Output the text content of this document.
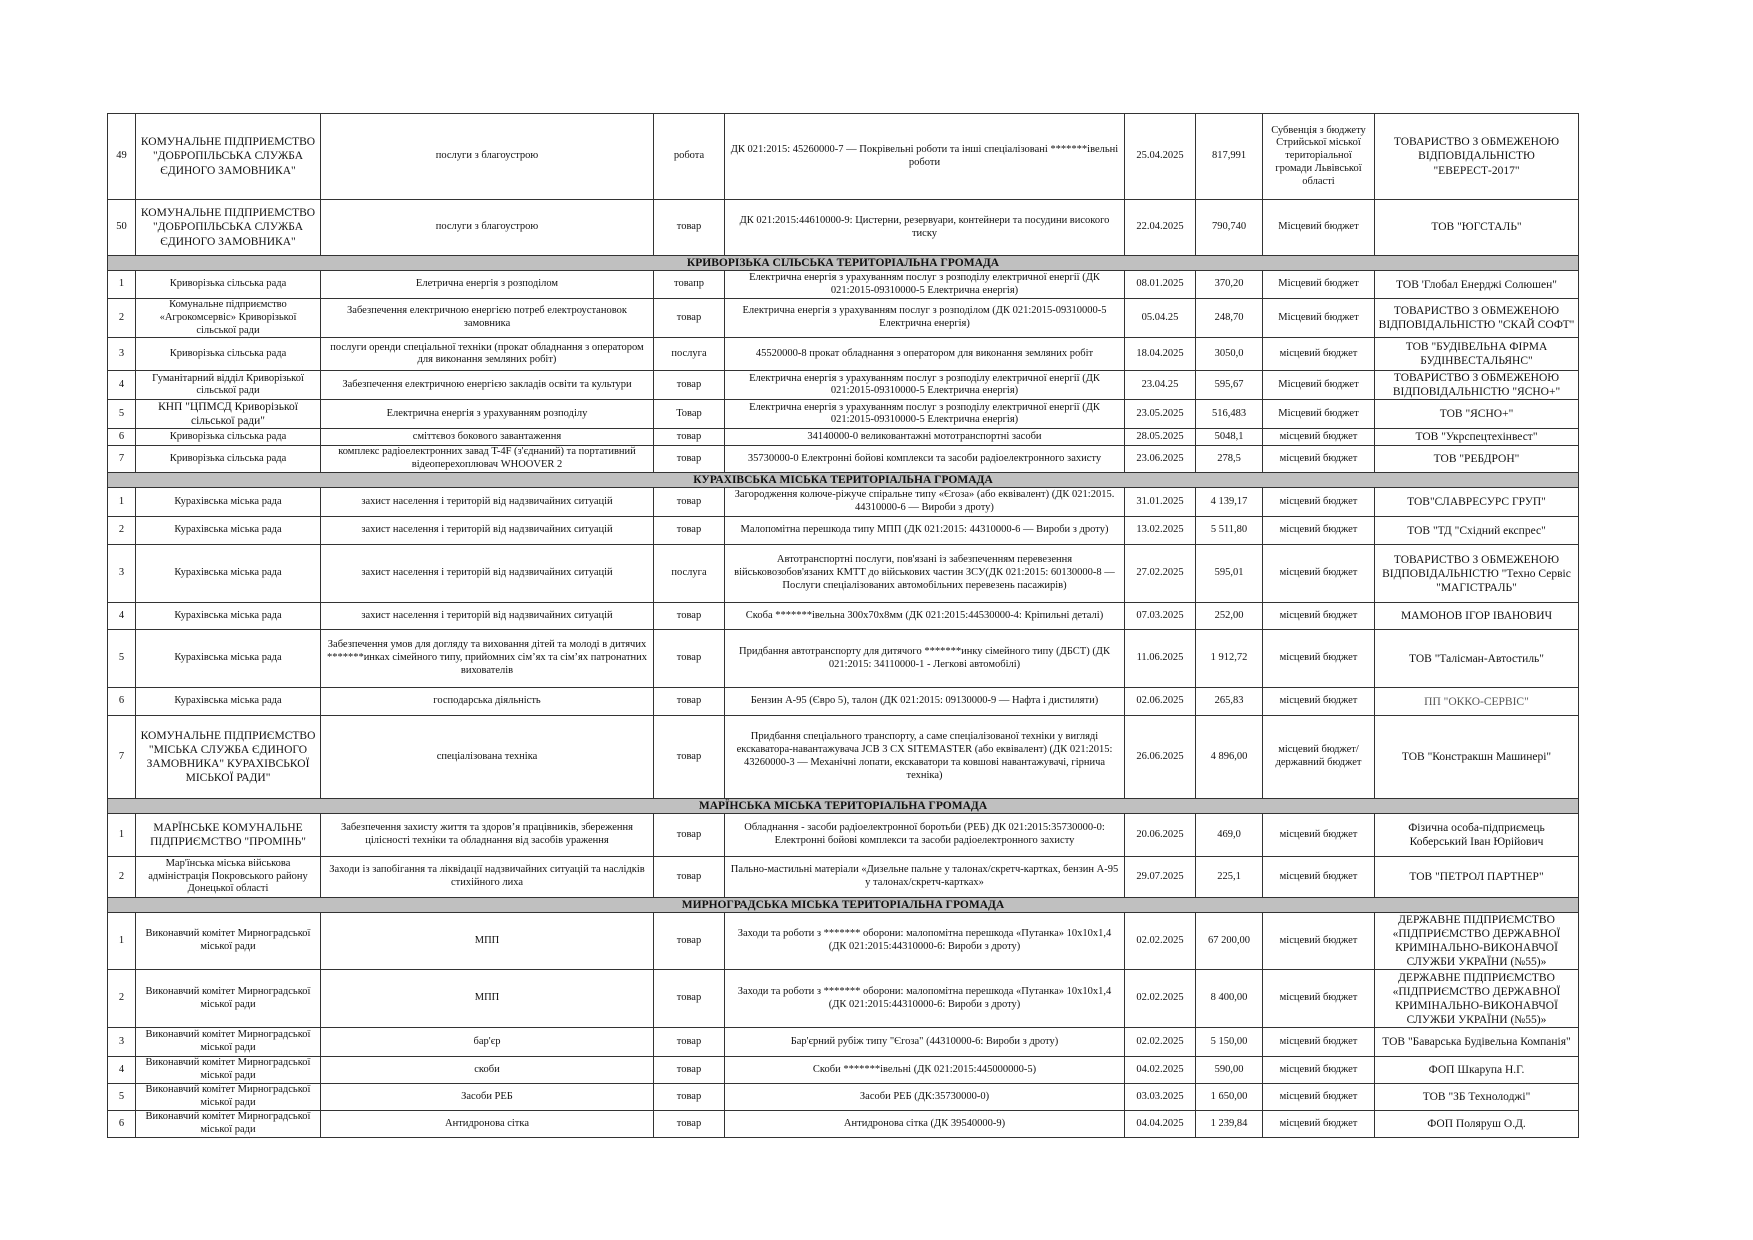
49	КОМУНАЛЬНЕ ПІДПРИЕМСТВО "ДОБРОПІЛЬСЬКА СЛУЖБА ЄДИНОГО ЗАМОВНИКА"	послуги з благоустрою	робота	ДК 021:2015: 45260000-7 — Покрівельні роботи та інші спеціалізовані *******івельні роботи	25.04.2025	817,991	Субвенція з бюджету Стрийської міської територіальної громади Львівської області	ТОВАРИСТВО З ОБМЕЖЕНОЮ ВІДПОВІДАЛЬНІСТЮ "ЕВЕРЕСТ-2017"
50	КОМУНАЛЬНЕ ПІДПРИЕМСТВО "ДОБРОПІЛЬСЬКА СЛУЖБА ЄДИНОГО ЗАМОВНИКА"	послуги з благоустрою	товар	ДК 021:2015:44610000-9: Цистерни, резервуари, контейнери та посудини високого тиску	22.04.2025	790,740	Місцевий бюджет	ТОВ "ЮГСТАЛЬ"
КРИВОРІЗЬКА СІЛЬСЬКА ТЕРИТОРІАЛЬНА ГРОМАДА								
1	Криворізька сільська рада	Елетрична енергія з розподілом	товапр	Електрична енергія з урахуванням послуг з розподілу електричної енергії (ДК 021:2015-09310000-5 Електрична енергія)	08.01.2025	370,20	Місцевий бюджет	ТОВ 'Глобал Енерджі Солюшен"
2	Комунальне підприємство «Агрокомсервіс» Криворізької сільської ради	Забезпечення електричною енергією потреб електроустановок замовника	товар	Електрична енергія з урахуванням послуг з розподілом (ДК 021:2015-09310000-5 Електрична енергія)	05.04.25	248,70	Місцевий бюджет	ТОВАРИСТВО З ОБМЕЖЕНОЮ ВІДПОВІДАЛЬНІСТЮ "СКАЙ СОФТ"
3	Криворізька сільська рада	послуги оренди спеціальної техніки (прокат обладнання з оператором для виконання земляних робіт)	послуга	45520000-8 прокат обладнання з оператором для виконання земляних робіт	18.04.2025	3050,0	місцевий бюджет	ТОВ "БУДІВЕЛЬНА ФІРМА БУДІНВЕСТАЛЬЯНС"
4	Гуманітарний відділ Криворізької сільської ради	Забезпечення електричною енергією закладів освіти та культури	товар	Електрична енергія з урахуванням послуг з розподілу електричної енергії (ДК 021:2015-09310000-5 Електрична енергія)	23.04.25	595,67	Місцевий бюджет	ТОВАРИСТВО З ОБМЕЖЕНОЮ ВІДПОВІДАЛЬНІСТЮ "ЯСНО+"
5	КНП "ЦПМСД Криворізької сільської ради"	Електрична енергія з урахуванням розподілу	Товар	Електрична енергія з урахуванням послуг з розподілу електричної енергії (ДК 021:2015-09310000-5 Електрична енергія)	23.05.2025	516,483	Місцевий бюджет	ТОВ "ЯСНО+"
6	Криворізька сільська рада	сміттєвоз бокового завантаження	товар	34140000-0 великовантажні мототранспортні засоби	28.05.2025	5048,1	місцевий бюджет	ТОВ "Укрспецтехінвест"
7	Криворізька сільська рада	комплекс радіоелектронних завад T-4F (з'єднаний) та портативний відеоперехоплювач WHOOVER 2	товар	35730000-0 Електронні бойові комплекси та засоби радіоелектронного захисту	23.06.2025	278,5	місцевий бюджет	ТОВ "РЕБДРОН"
КУРАХІВСЬКА МІСЬКА ТЕРИТОРІАЛЬНА ГРОМАДА								
1	Курахівська міська рада	захист населення і територій від надзвичайних ситуацій	товар	Загородження колюче-ріжуче спіральне типу «Єгоза» (або еквівалент) (ДК 021:2015. 44310000-6 — Вироби з дроту)	31.01.2025	4 139,17	місцевий бюджет	ТОВ"СЛАВРЕСУРС ГРУП"
2	Курахівська міська рада	захист населення і територій від надзвичайних ситуацій	товар	Малопомітна перешкода типу МПП (ДК 021:2015: 44310000-6 — Вироби з дроту)	13.02.2025	5 511,80	місцевий бюджет	ТОВ "ТД "Східний експрес"
3	Курахівська міська рада	захист населення і територій від надзвичайних ситуацій	послуга	Автотранспортні послуги, пов'язані із забезпеченням перевезення військовозобов'язаних КМТТ до військових частин ЗСУ(ДК 021:2015: 60130000-8 — Послуги спеціалізованих автомобільних перевезень пасажирів)	27.02.2025	595,01	місцевий бюджет	ТОВАРИСТВО З ОБМЕЖЕНОЮ ВІДПОВІДАЛЬНІСТЮ "Техно Сервіс "МАГІСТРАЛЬ"
4	Курахівська міська рада	захист населення і територій від надзвичайних ситуацій	товар	Скоба *******івельна 300х70х8мм (ДК 021:2015:44530000-4: Кріпильні деталі)	07.03.2025	252,00	місцевий бюджет	МАМОНОВ ІГОР ІВАНОВИЧ
5	Курахівська міська рада	Забезпечення умов для догляду та виховання дітей та молоді в дитячих *******инках сімейного типу, прийомних сім’ях та сім’ях патронатних вихователів	товар	Придбання автотранспорту для дитячого *******инку сімейного типу (ДБСТ) (ДК 021:2015: 34110000-1 - Легкові автомобілі)	11.06.2025	1 912,72	місцевий бюджет	ТОВ "Талісман-Автостиль"
6	Курахівська міська рада	господарська діяльність	товар	Бензин А-95 (Євро 5), талон (ДК 021:2015: 09130000-9 — Нафта і дистиляти)	02.06.2025	265,83	місцевий бюджет	ПП "ОККО-СЕРВІС"
7	КОМУНАЛЬНЕ ПІДПРИЄМСТВО "МІСЬКА СЛУЖБА ЄДИНОГО ЗАМОВНИКА" КУРАХІВСЬКОЇ МІСЬКОЇ РАДИ"	спеціалізована техніка	товар	Придбання спеціального транспорту, а саме спеціалізованої техніки у вигляді екскаватора-навантажувача JCB 3 CX SITEMASTER (або еквівалент) (ДК 021:2015: 43260000-3 — Механічні лопати, екскаватори та ковшові навантажувачі, гірнича техніка)	26.06.2025	4 896,00	місцевий бюджет/державний бюджет	ТОВ "Констракшн Машинері"
МАРЇНСЬКА МІСЬКА ТЕРИТОРІАЛЬНА ГРОМАДА								
1	МАРЇНСЬКЕ КОМУНАЛЬНЕ ПІДПРИЄМСТВО "ПРОМІНЬ"	Забезпечення захисту життя та здоров’я працівників, збереження цілісності техніки та обладнання від засобів ураження	товар	Обладнання - засоби радіоелектронної боротьби (РЕБ) ДК 021:2015:35730000-0: Електронні бойові комплекси та засоби радіоелектронного захисту	20.06.2025	469,0	місцевий бюджет	Фізична особа-підприємець Коберський Іван Юрійович
2	Мар'їнська міська військова адміністрація Покровського району Донецької області	Заходи із запобігання та ліквідації надзвичайних ситуацій та наслідків стихійного лиха	товар	Пально-мастильні матеріали «Дизельне пальне у талонах/скретч-картках, бензин А-95 у талонах/скретч-картках»	29.07.2025	225,1	місцевий бюджет	ТОВ "ПЕТРОЛ ПАРТНЕР"
МИРНОГРАДСЬКА МІСЬКА ТЕРИТОРІАЛЬНА ГРОМАДА								
1	Виконавчий комітет Мирноградської міської ради	МПП	товар	Заходи та роботи з ******* оборони: малопомітна перешкода «Путанка» 10х10х1,4 (ДК 021:2015:44310000-6: Вироби з дроту)	02.02.2025	67 200,00	місцевий бюджет	ДЕРЖАВНЕ ПІДПРИЄМСТВО «ПІДПРИЄМСТВО ДЕРЖАВНОЇ КРИМІНАЛЬНО-ВИКОНАВЧОЇ СЛУЖБИ УКРАЇНИ (№55)»
2	Виконавчий комітет Мирноградської міської ради	МПП	товар	Заходи та роботи з ******* оборони: малопомітна перешкода «Путанка» 10х10х1,4 (ДК 021:2015:44310000-6: Вироби з дроту)	02.02.2025	8 400,00	місцевий бюджет	ДЕРЖАВНЕ ПІДПРИЄМСТВО «ПІДПРИЄМСТВО ДЕРЖАВНОЇ КРИМІНАЛЬНО-ВИКОНАВЧОЇ СЛУЖБИ УКРАЇНИ (№55)»
3	Виконавчий комітет Мирноградської міської ради	бар'єр	товар	Бар'єрний рубіж типу "Єгоза" (44310000-6: Вироби з дроту)	02.02.2025	5 150,00	місцевий бюджет	ТОВ "Баварська Будівельна Компанія"
4	Виконавчий комітет Мирноградської міської ради	скоби	товар	Скоби *******івельні (ДК 021:2015:445000000-5)	04.02.2025	590,00	місцевий бюджет	ФОП Шкарупа Н.Г.
5	Виконавчий комітет Мирноградської міської ради	Засоби РЕБ	товар	Засоби РЕБ (ДК:35730000-0)	03.03.2025	1 650,00	місцевий бюджет	ТОВ "ЗБ Технолоджі"
6	Виконавчий комітет Мирноградської міської ради	Антидронова сітка	товар	Антидронова сітка (ДК 39540000-9)	04.04.2025	1 239,84	місцевий бюджет	ФОП Поляруш О.Д.
